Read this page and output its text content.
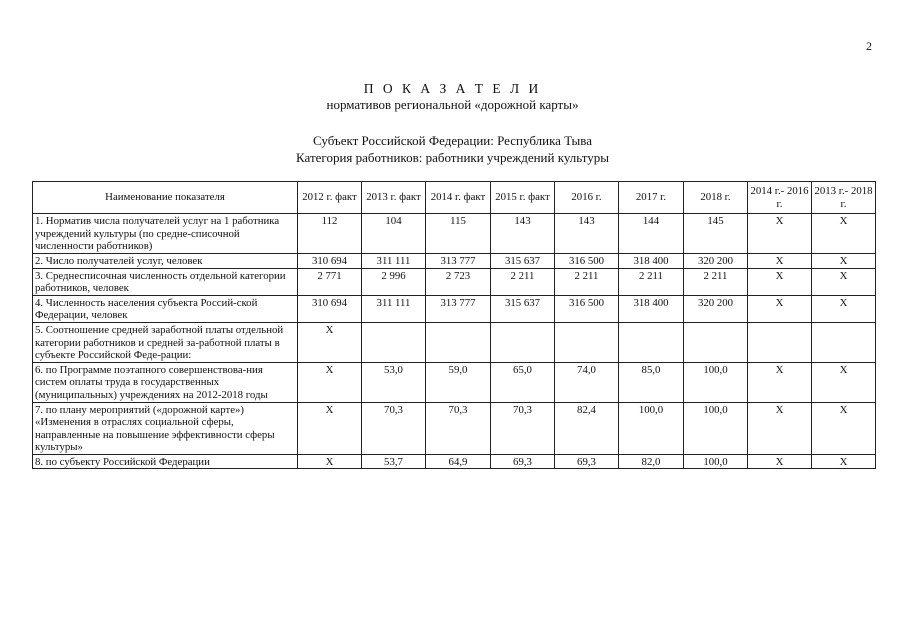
2
П О К А З А Т Е Л И
нормативов региональной «дорожной карты»
Субъект Российской Федерации: Республика Тыва
Категория работников: работники учреждений культуры
Наименование показателя	2012 г. факт	2013 г. факт	2014 г. факт	2015 г. факт	2016 г.	2017 г.	2018 г.	2014 г.- 2016 г.	2013 г.- 2018 г.
1. Норматив числа получателей услуг на 1 работника учреждений культуры (по средне-списочной численности работников)	112	104	115	143	143	144	145	Х	Х
2. Число получателей услуг, человек	310 694	311 111	313 777	315 637	316 500	318 400	320 200	Х	Х
3. Среднесписочная численность отдельной категории работников, человек	2 771	2 996	2 723	2 211	2 211	2 211	2 211	Х	Х
4. Численность населения субъекта Россий-ской Федерации, человек	310 694	311 111	313 777	315 637	316 500	318 400	320 200	Х	Х
5. Соотношение средней заработной платы отдельной категории работников и средней за-работной платы в субъекте Российской Феде-рации:	Х								
6. по Программе поэтапного совершенствова-ния систем оплаты труда в государственных (муниципальных) учреждениях на 2012-2018 годы	Х	53,0	59,0	65,0	74,0	85,0	100,0	Х	Х
7. по плану мероприятий («дорожной карте») «Изменения в отраслях социальной сферы, направленные на повышение эффективности сферы культуры»	Х	70,3	70,3	70,3	82,4	100,0	100,0	Х	Х
8. по субъекту Российской Федерации	Х	53,7	64,9	69,3	69,3	82,0	100,0	Х	Х
